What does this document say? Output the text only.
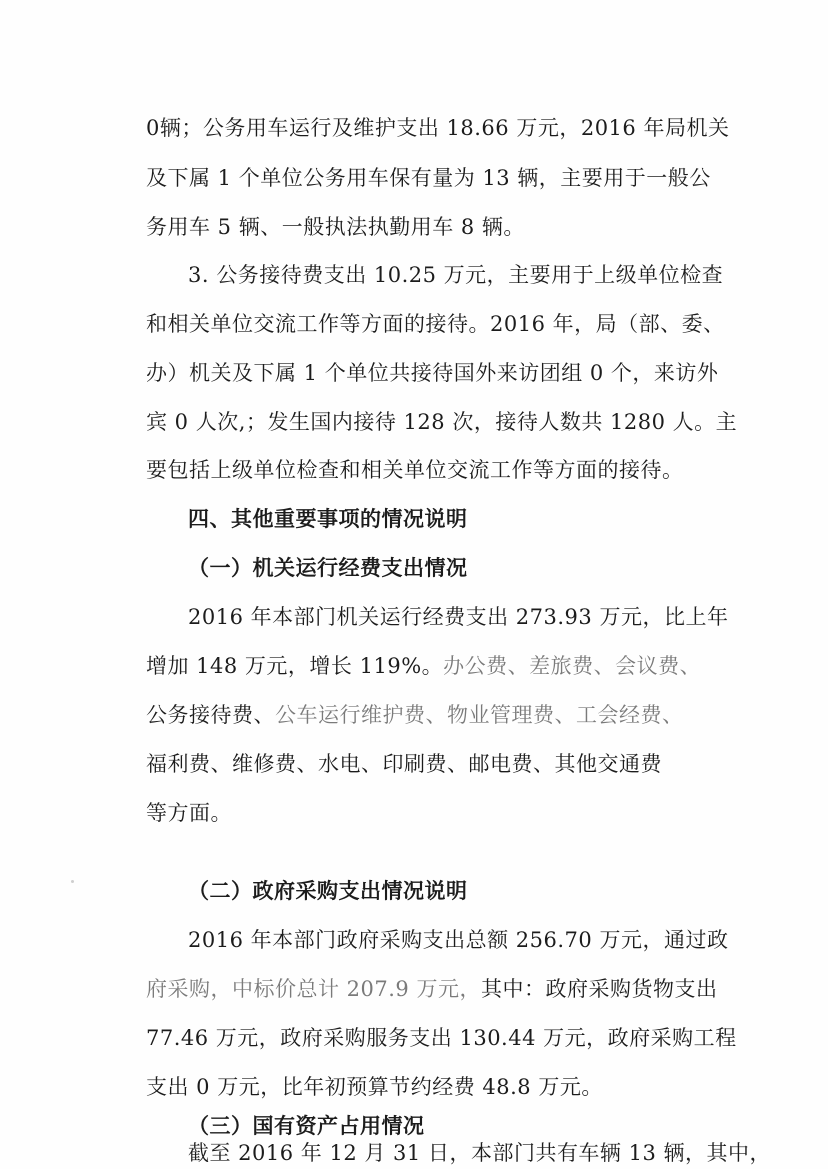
0辆；公务用车运行及维护支出 18.66 万元，2016 年局机关
及下属 1 个单位公务用车保有量为 13 辆，主要用于一般公
务用车 5 辆、一般执法执勤用车 8 辆。
3. 公务接待费支出 10.25 万元，主要用于上级单位检查
和相关单位交流工作等方面的接待。2016 年，局（部、委、
办）机关及下属 1 个单位共接待国外来访团组 0 个，来访外
宾 0 人次,；发生国内接待 128 次，接待人数共 1280 人。主
要包括上级单位检查和相关单位交流工作等方面的接待。
四、其他重要事项的情况说明
（一）机关运行经费支出情况
2016 年本部门机关运行经费支出 273.93 万元，比上年
增加 148 万元，增长 119%。办公费、差旅费、会议费、
公务接待费、公车运行维护费、物业管理费、工会经费、
福利费、维修费、水电、印刷费、邮电费、其他交通费
等方面。
（二）政府采购支出情况说明
2016 年本部门政府采购支出总额 256.70 万元，通过政
府采购，中标价总计 207.9 万元，其中：政府采购货物支出
77.46 万元，政府采购服务支出 130.44 万元，政府采购工程
支出 0 万元，比年初预算节约经费 48.8 万元。
（三）国有资产占用情况
截至 2016 年 12 月 31 日，本部门共有车辆 13 辆，其中，
